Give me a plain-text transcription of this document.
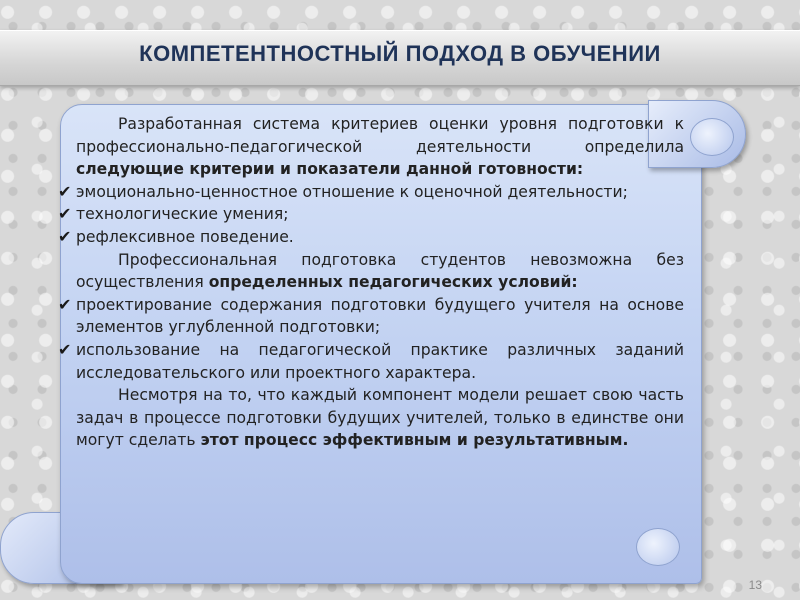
КОМПЕТЕНТНОСТНЫЙ ПОДХОД В ОБУЧЕНИИ

Разработанная система критериев оценки уровня подготовки к профессионально-педагогической деятельности определила следующие критерии и показатели данной готовности:

✔ эмоционально-ценностное отношение к оценочной деятельности;

✔ технологические умения;

✔ рефлексивное поведение.

Профессиональная подготовка студентов невозможна без осуществления определенных педагогических условий:

✔ проектирование содержания подготовки будущего учителя на основе элементов углубленной подготовки;

✔ использование на педагогической практике различных заданий исследовательского или проектного характера.

Несмотря на то, что каждый компонент модели решает свою часть задач в процессе подготовки будущих учителей, только в единстве они могут сделать этот процесс эффективным и результативным.

13
